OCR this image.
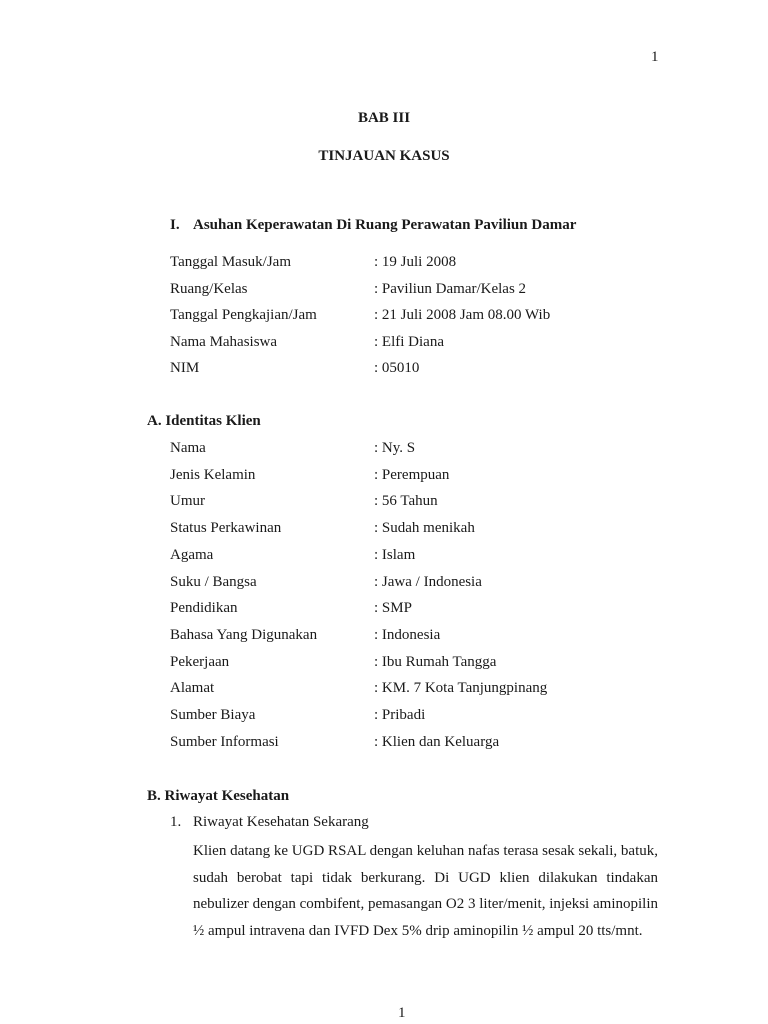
1
BAB III
TINJAUAN KASUS
I. Asuhan Keperawatan Di Ruang Perawatan Paviliun Damar
Tanggal Masuk/Jam	: 19 Juli 2008
Ruang/Kelas	: Paviliun Damar/Kelas 2
Tanggal Pengkajian/Jam	: 21 Juli 2008 Jam 08.00 Wib
Nama Mahasiswa	: Elfi Diana
NIM	: 05010
A. Identitas Klien
Nama	: Ny. S
Jenis Kelamin	: Perempuan
Umur	: 56 Tahun
Status Perkawinan	: Sudah menikah
Agama	: Islam
Suku / Bangsa	: Jawa / Indonesia
Pendidikan	: SMP
Bahasa Yang Digunakan	: Indonesia
Pekerjaan	: Ibu Rumah Tangga
Alamat	: KM. 7 Kota Tanjungpinang
Sumber Biaya	: Pribadi
Sumber Informasi	: Klien dan Keluarga
B. Riwayat Kesehatan
1. Riwayat Kesehatan Sekarang
Klien datang ke UGD RSAL dengan keluhan nafas terasa sesak sekali, batuk, sudah berobat tapi tidak berkurang. Di UGD klien dilakukan tindakan nebulizer dengan combifent, pemasangan O2 3 liter/menit, injeksi aminopilin ½ ampul intravena dan IVFD Dex 5% drip aminopilin ½ ampul 20 tts/mnt.
1
